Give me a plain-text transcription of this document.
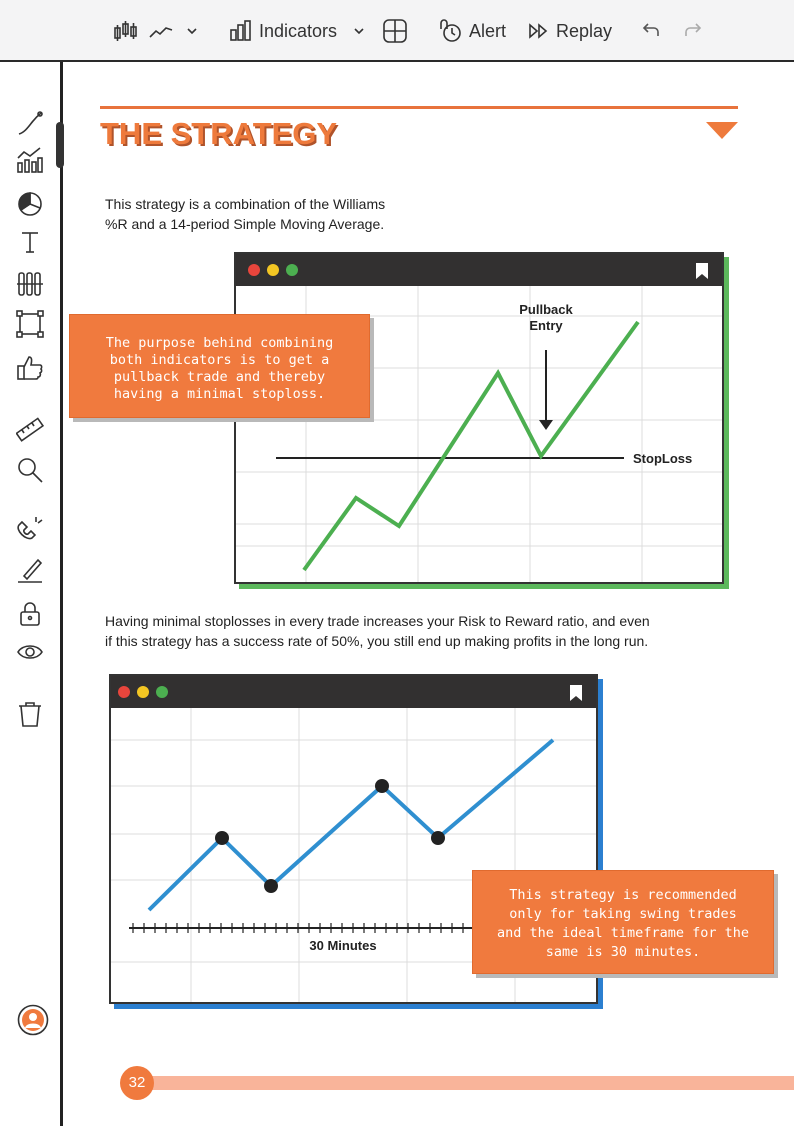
Indicators	Alert	Replay
THE STRATEGY
This strategy is a combination of the Williams
%R and a 14-period Simple Moving Average.
Pullback
Entry
StopLoss
The purpose behind combining
both indicators is to get a
pullback trade and thereby
having a minimal stoploss.
Having minimal stoplosses in every trade increases your Risk to Reward ratio, and even
if this strategy has a success rate of 50%, you still end up making profits in the long run.
30 Minutes
This strategy is recommended
only for taking swing trades
and the ideal timeframe for the
same is 30 minutes.
32
